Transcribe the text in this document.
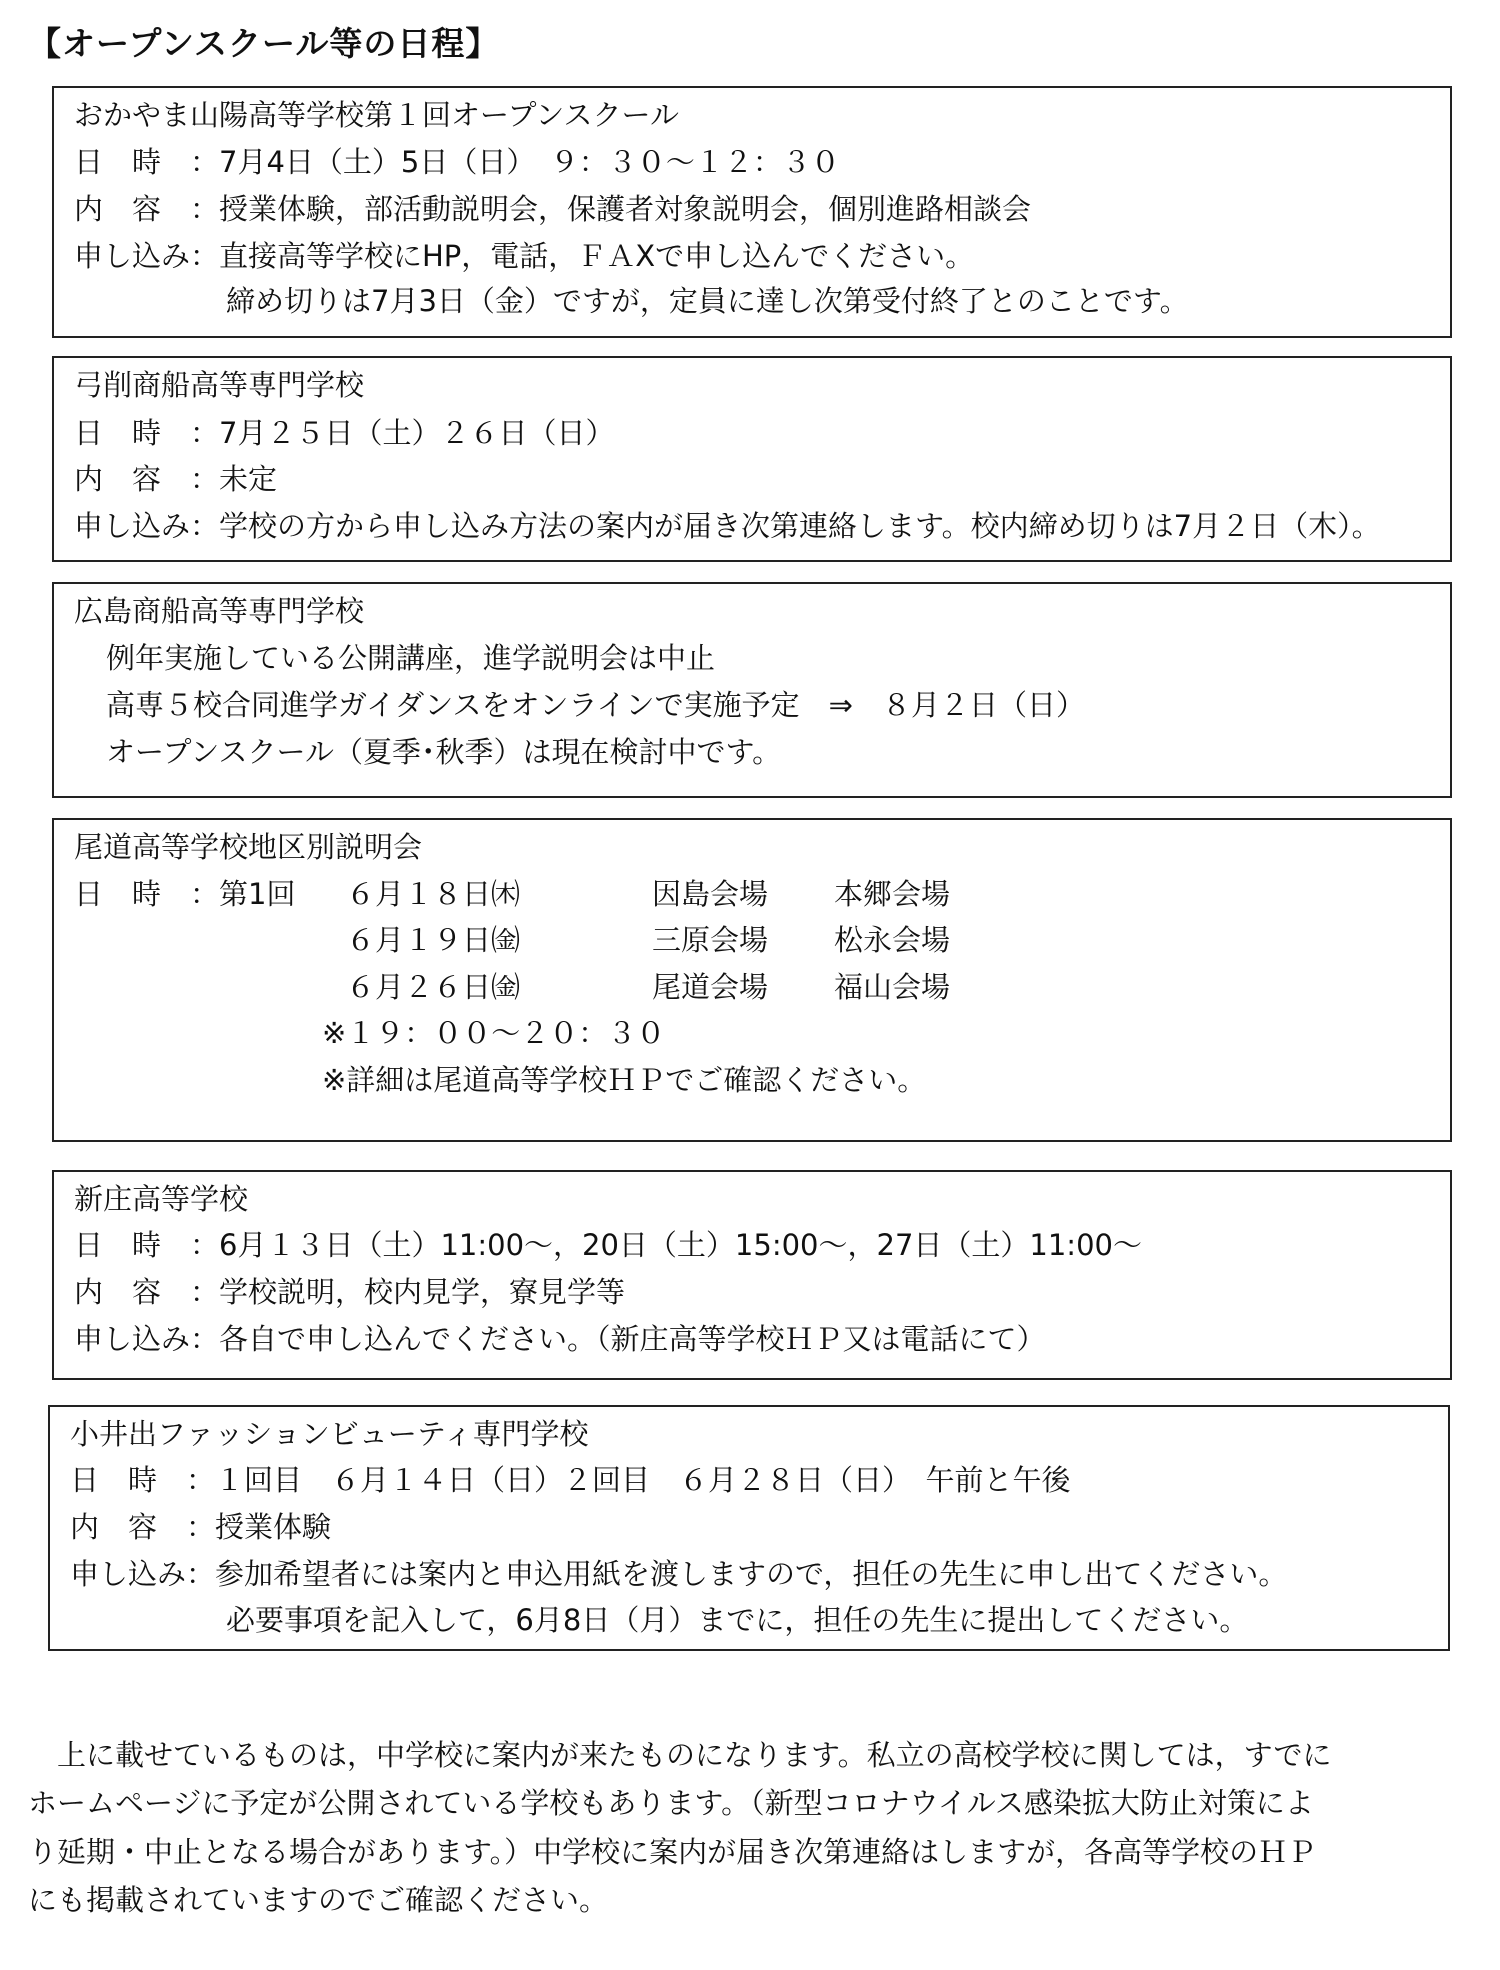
【オープンスクール等の日程】
おかやま山陽高等学校第１回オープンスクール
日　時　：7月4日（土）5日（日）　９：３０～１２：３０
内　容　：授業体験，部活動説明会，保護者対象説明会，個別進路相談会
申し込み：直接高等学校にHP，電話，ＦＡXで申し込んでください。
締め切りは7月3日（金）ですが，定員に達し次第受付終了とのことです。
弓削商船高等専門学校
日　時　：7月２５日（土）２６日（日）
内　容　：未定
申し込み：学校の方から申し込み方法の案内が届き次第連絡します。校内締め切りは7月２日（木）。
広島商船高等専門学校
例年実施している公開講座，進学説明会は中止
高専５校合同進学ガイダンスをオンラインで実施予定　⇒　８月２日（日）
オープンスクール（夏季･秋季）は現在検討中です。
尾道高等学校地区別説明会
日　時　：第1回 ６月１８日㈭	因島会場 本郷会場
６月１９日㈮	三原会場 松永会場
６月２６日㈮	尾道会場 福山会場
※１９：００～２０：３０
※詳細は尾道高等学校ＨＰでご確認ください。
新庄高等学校
日　時　：6月１３日（土）11:00～，20日（土）15:00～，27日（土）11:00～
内　容　：学校説明，校内見学，寮見学等
申し込み：各自で申し込んでください。（新庄高等学校ＨＰ又は電話にて）
小井出ファッションビューティ専門学校
日　時　：１回目　６月１４日（日）２回目　６月２８日（日）　午前と午後
内　容　：授業体験
申し込み：参加希望者には案内と申込用紙を渡しますので，担任の先生に申し出てください。
必要事項を記入して，6月8日（月）までに，担任の先生に提出してください。
　上に載せているものは，中学校に案内が来たものになります。私立の高校学校に関しては，すでに
ホームページに予定が公開されている学校もあります。（新型コロナウイルス感染拡大防止対策によ
り延期・中止となる場合があります。）中学校に案内が届き次第連絡はしますが，各高等学校のＨＰ
にも掲載されていますのでご確認ください。
